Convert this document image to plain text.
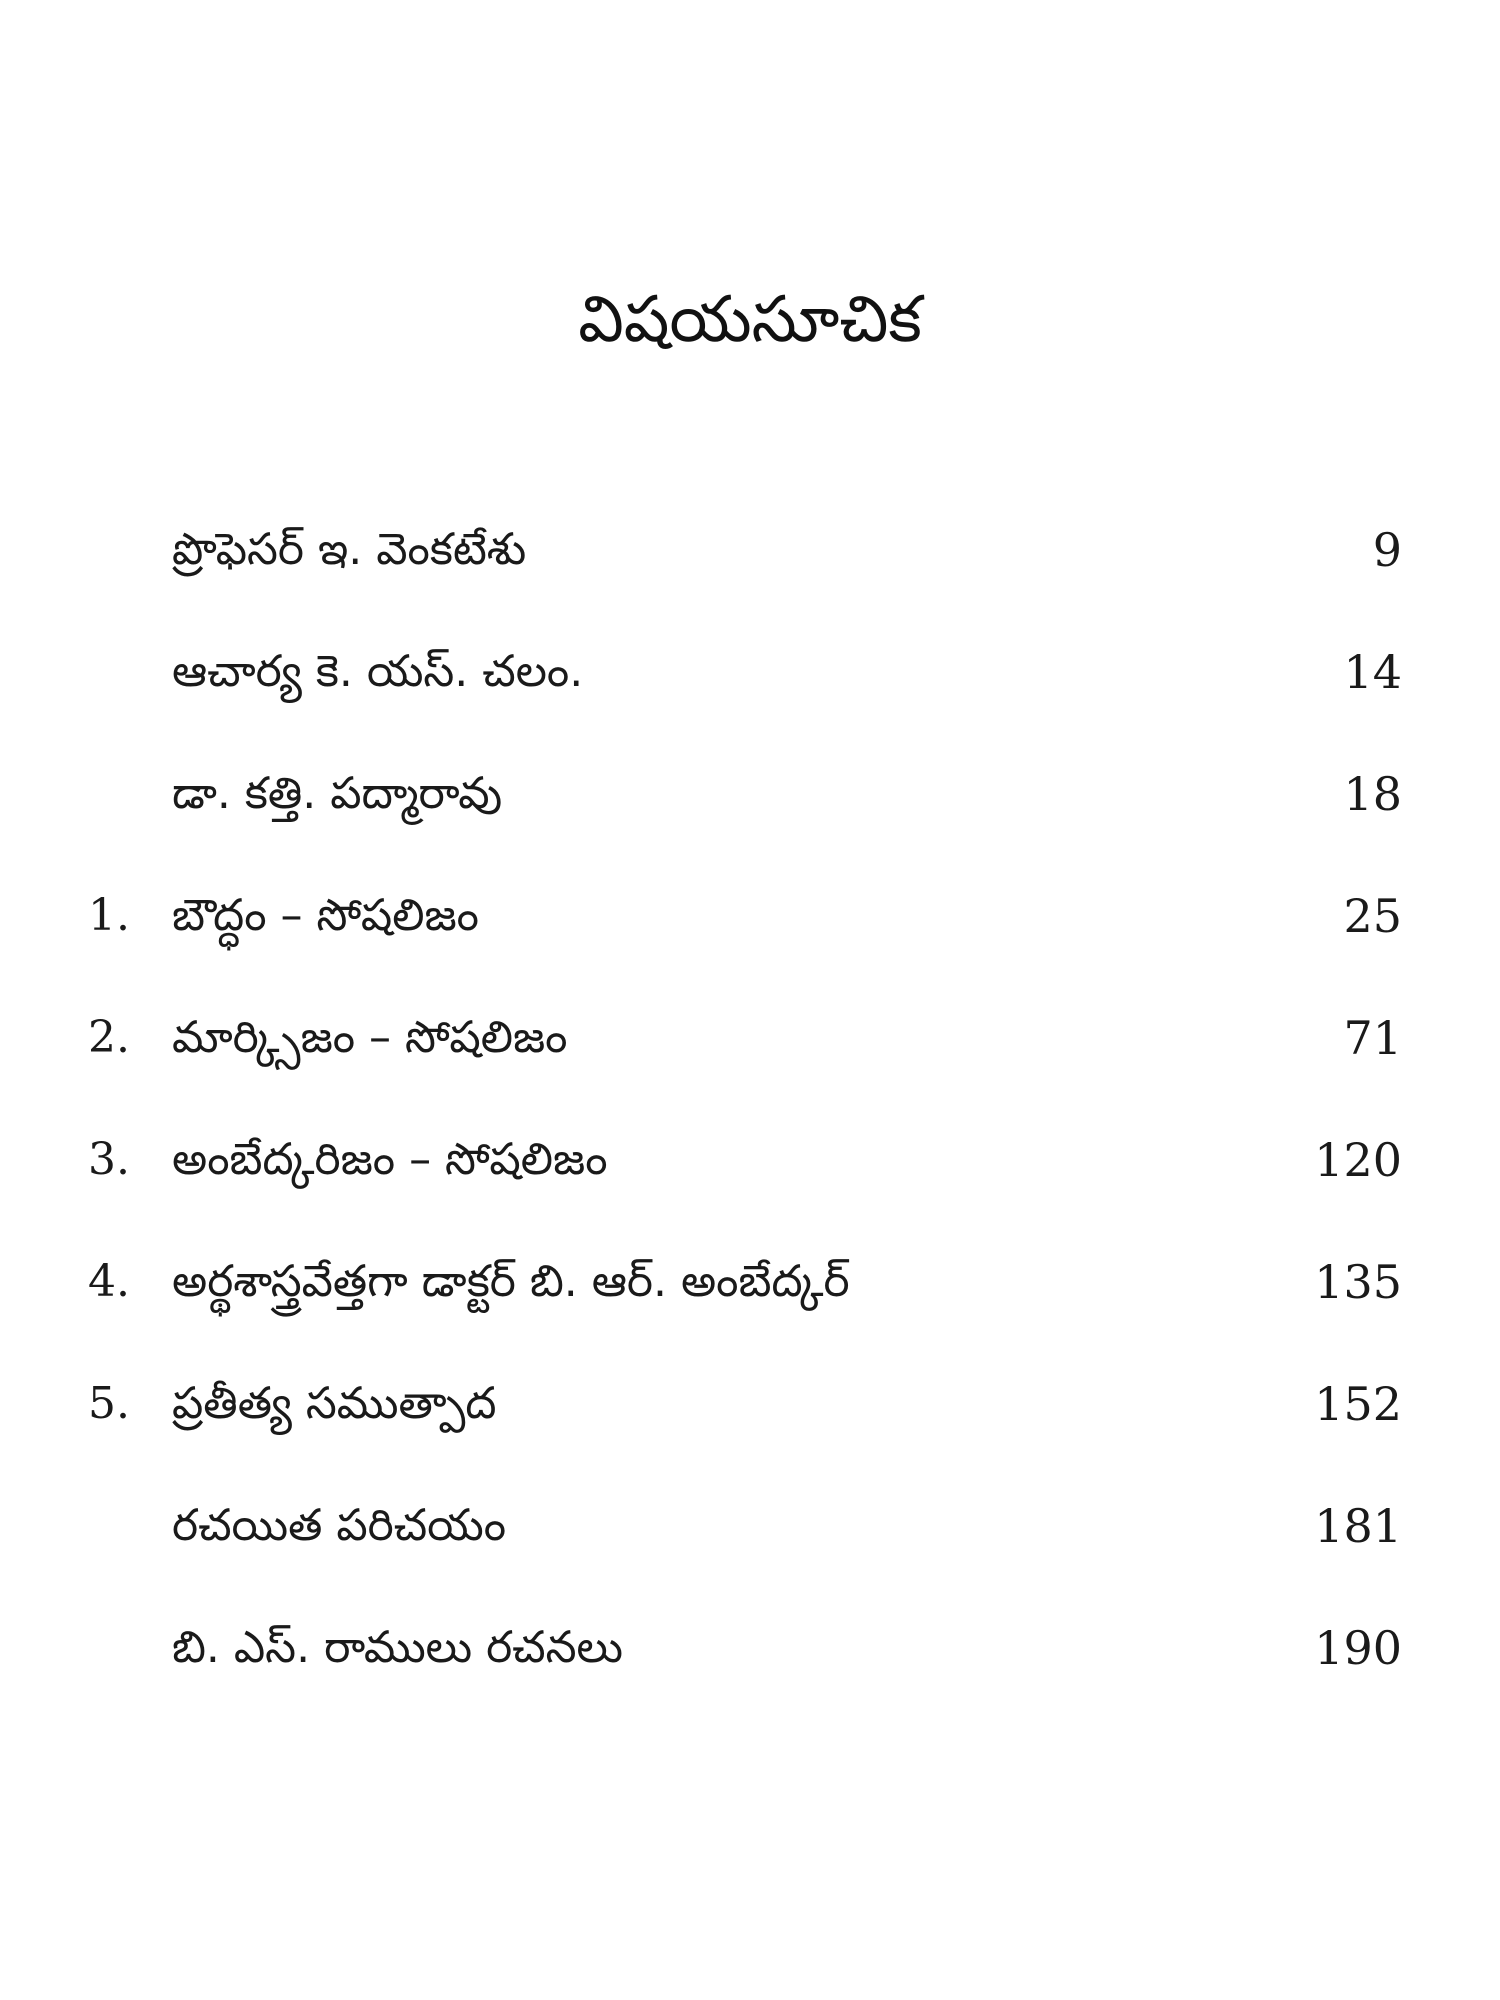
విషయసూచిక
ప్రొఫెసర్ ఇ. వెంకటేశు	9
ఆచార్య కె. యస్. చలం.	14
డా. కత్తి. పద్మారావు	18
1. బౌద్ధం – సోషలిజం	25
2. మార్క్సిజం – సోషలిజం	71
3. అంబేద్కరిజం – సోషలిజం	120
4. అర్థశాస్త్రవేత్తగా డాక్టర్ బి. ఆర్. అంబేద్కర్	135
5. ప్రతీత్య సముత్పాద	152
రచయిత పరిచయం	181
బి. ఎస్. రాములు రచనలు	190
